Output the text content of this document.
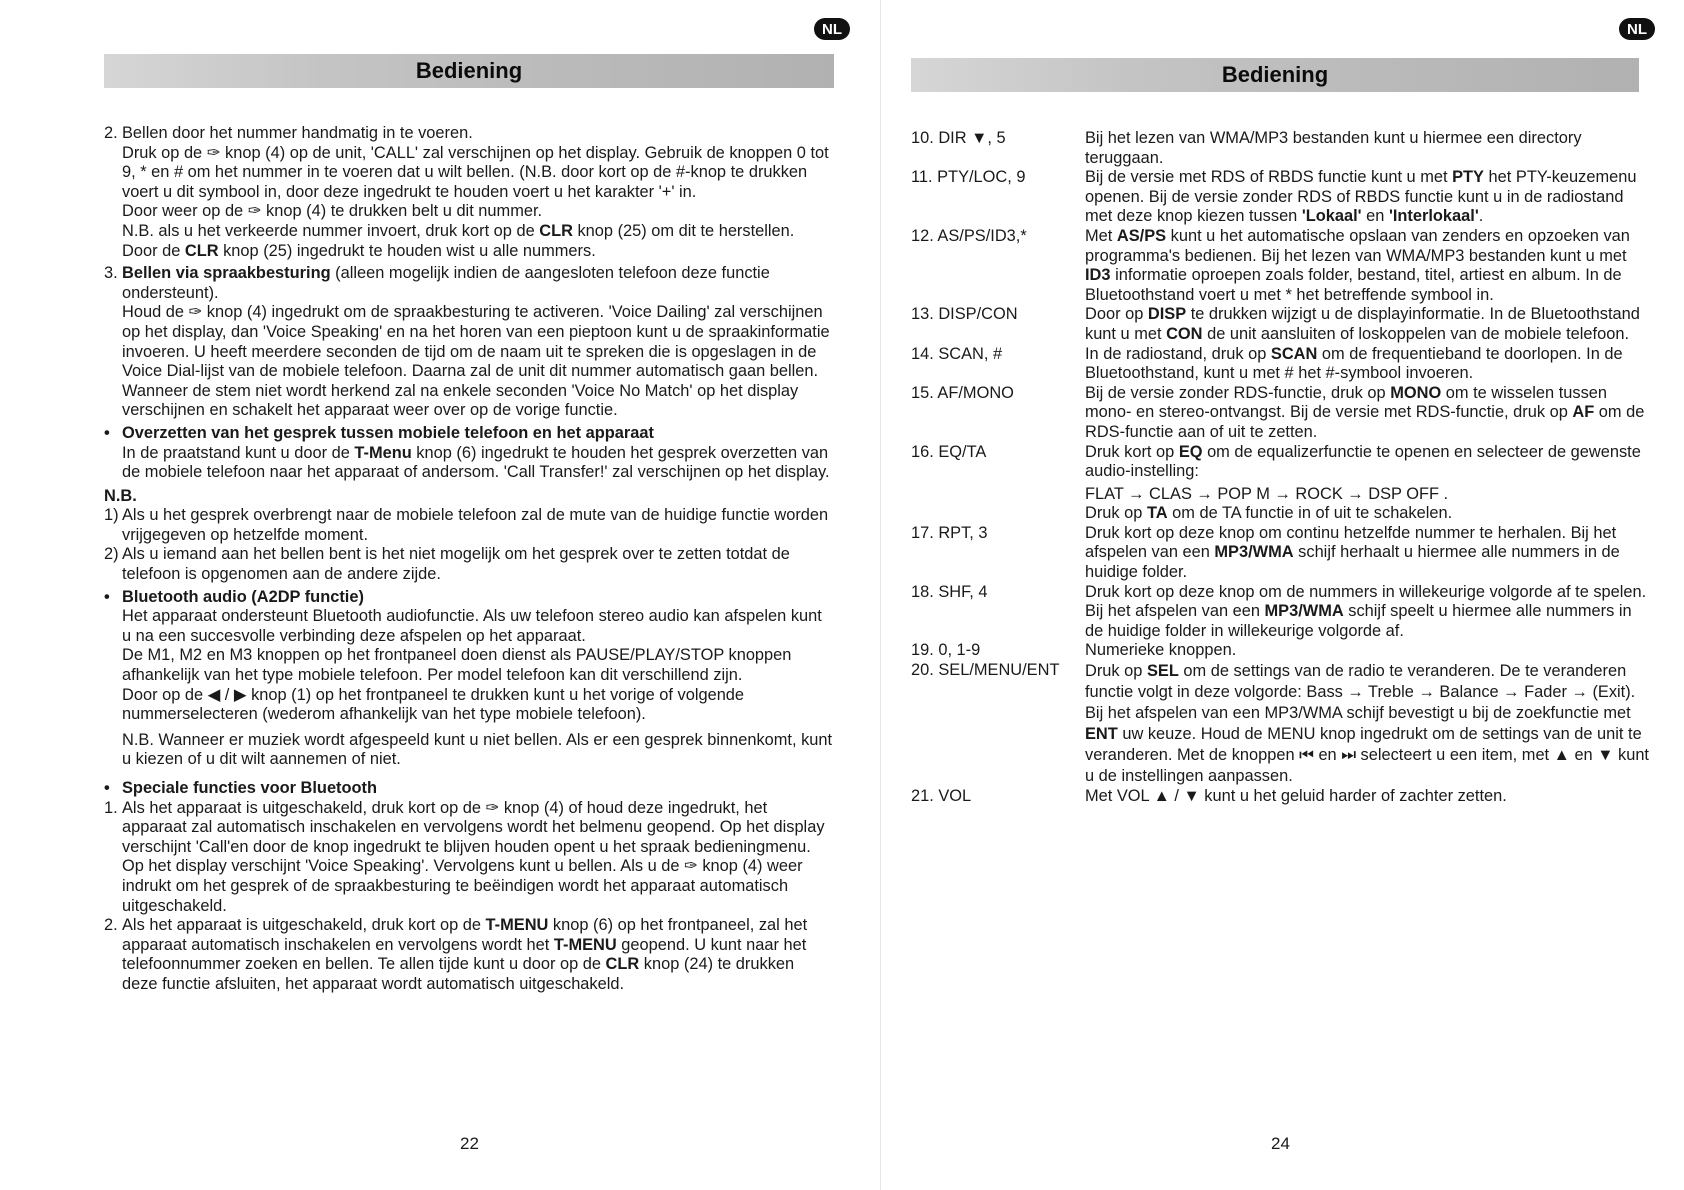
NL
Bediening
2. Bellen door het nummer handmatig in te voeren.
Druk op de ✑ knop (4) op de unit, 'CALL' zal verschijnen op het display. Gebruik de knoppen 0 tot 9, * en # om het nummer in te voeren dat u wilt bellen. (N.B. door kort op de #-knop te drukken voert u dit symbool in, door deze ingedrukt te houden voert u het karakter '+' in.
Door weer op de ✑ knop (4) te drukken belt u dit nummer.
N.B. als u het verkeerde nummer invoert, druk kort op de CLR knop (25) om dit te herstellen. Door de CLR knop (25) ingedrukt te houden wist u alle nummers.
3. Bellen via spraakbesturing (alleen mogelijk indien de aangesloten telefoon deze functie ondersteunt).
Houd de ✑ knop (4) ingedrukt om de spraakbesturing te activeren. 'Voice Dailing' zal verschijnen op het display, dan 'Voice Speaking' en na het horen van een pieptoon kunt u de spraakinformatie invoeren. U heeft meerdere seconden de tijd om de naam uit te spreken die is opgeslagen in de Voice Dial-lijst van de mobiele telefoon. Daarna zal de unit dit nummer automatisch gaan bellen.
Wanneer de stem niet wordt herkend zal na enkele seconden 'Voice No Match' op het display verschijnen en schakelt het apparaat weer over op de vorige functie.
• Overzetten van het gesprek tussen mobiele telefoon en het apparaat
In de praatstand kunt u door de T-Menu knop (6) ingedrukt te houden het gesprek overzetten van de mobiele telefoon naar het apparaat of andersom. 'Call Transfer!' zal verschijnen op het display.
N.B.
1) Als u het gesprek overbrengt naar de mobiele telefoon zal de mute van de huidige functie worden vrijgegeven op hetzelfde moment.
2) Als u iemand aan het bellen bent is het niet mogelijk om het gesprek over te zetten totdat de telefoon is opgenomen aan de andere zijde.
• Bluetooth audio (A2DP functie)
Het apparaat ondersteunt Bluetooth audiofunctie. Als uw telefoon stereo audio kan afspelen kunt u na een succesvolle verbinding deze afspelen op het apparaat.
De M1, M2 en M3 knoppen op het frontpaneel doen dienst als PAUSE/PLAY/STOP knoppen afhankelijk van het type mobiele telefoon. Per model telefoon kan dit verschillend zijn.
Door op de ◀ / ▶ knop (1) op het frontpaneel te drukken kunt u het vorige of volgende nummerselecteren (wederom afhankelijk van het type mobiele telefoon).
N.B. Wanneer er muziek wordt afgespeeld kunt u niet bellen. Als er een gesprek binnenkomt, kunt u kiezen of u dit wilt aannemen of niet.
• Speciale functies voor Bluetooth
1. Als het apparaat is uitgeschakeld, druk kort op de ✑ knop (4) of houd deze ingedrukt, het apparaat zal automatisch inschakelen en vervolgens wordt het belmenu geopend. Op het display verschijnt 'Call'en door de knop ingedrukt te blijven houden opent u het spraak bedieningmenu. Op het display verschijnt 'Voice Speaking'. Vervolgens kunt u bellen. Als u de ✑ knop (4) weer indrukt om het gesprek of de spraakbesturing te beëindigen wordt het apparaat automatisch uitgeschakeld.
2. Als het apparaat is uitgeschakeld, druk kort op de T-MENU knop (6) op het frontpaneel, zal het apparaat automatisch inschakelen en vervolgens wordt het T-MENU geopend. U kunt naar het telefoonnummer zoeken en bellen. Te allen tijde kunt u door op de CLR knop (24) te drukken deze functie afsluiten, het apparaat wordt automatisch uitgeschakeld.
22
NL
Bediening
10. DIR ▼, 5	Bij het lezen van WMA/MP3 bestanden kunt u hiermee een directory teruggaan.
11. PTY/LOC, 9	Bij de versie met RDS of RBDS functie kunt u met PTY het PTY-keuzemenu openen. Bij de versie zonder RDS of RBDS functie kunt u in de radiostand met deze knop kiezen tussen 'Lokaal' en 'Interlokaal'.
12. AS/PS/ID3,*	Met AS/PS kunt u het automatische opslaan van zenders en opzoeken van programma's bedienen. Bij het lezen van WMA/MP3 bestanden kunt u met ID3 informatie oproepen zoals folder, bestand, titel, artiest en album. In de Bluetoothstand voert u met * het betreffende symbool in.
13. DISP/CON	Door op DISP te drukken wijzigt u de displayinformatie. In de Bluetoothstand kunt u met CON de unit aansluiten of loskoppelen van de mobiele telefoon.
14. SCAN, #	In de radiostand, druk op SCAN om de frequentieband te doorlopen. In de Bluetoothstand, kunt u met # het #-symbool invoeren.
15. AF/MONO	Bij de versie zonder RDS-functie, druk op MONO om te wisselen tussen mono- en stereo-ontvangst. Bij de versie met RDS-functie, druk op AF om de RDS-functie aan of uit te zetten.
16. EQ/TA	Druk kort op EQ om de equalizerfunctie te openen en selecteer de gewenste audio-instelling:
FLAT → CLAS → POP M → ROCK → DSP OFF .
Druk op TA om de TA functie in of uit te schakelen.
17. RPT, 3	Druk kort op deze knop om continu hetzelfde nummer te herhalen. Bij het afspelen van een MP3/WMA schijf herhaalt u hiermee alle nummers in de huidige folder.
18. SHF, 4	Druk kort op deze knop om de nummers in willekeurige volgorde af te spelen. Bij het afspelen van een MP3/WMA schijf speelt u hiermee alle nummers in de huidige folder in willekeurige volgorde af.
19. 0, 1-9	Numerieke knoppen.
20. SEL/MENU/ENT	Druk op SEL om de settings van de radio te veranderen. De te veranderen functie volgt in deze volgorde: Bass → Treble → Balance → Fader → (Exit). Bij het afspelen van een MP3/WMA schijf bevestigt u bij de zoekfunctie met ENT uw keuze. Houd de MENU knop ingedrukt om de settings van de unit te veranderen. Met de knoppen ⏮ en ⏭ selecteert u een item, met ▲ en ▼ kunt u de instellingen aanpassen.
21. VOL	Met VOL ▲ / ▼ kunt u het geluid harder of zachter zetten.
24
